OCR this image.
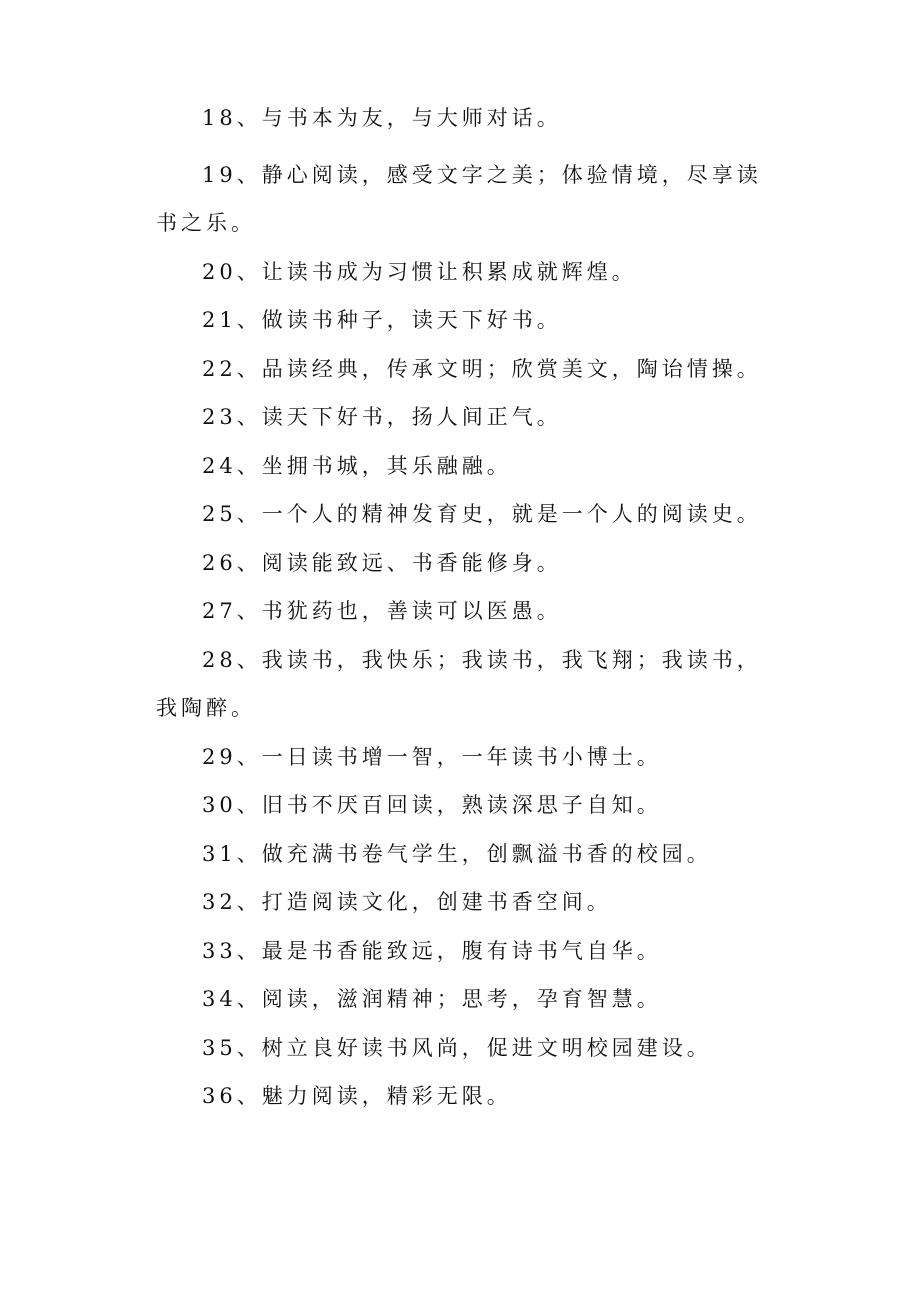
18、与书本为友，与大师对话。

19、静心阅读，感受文字之美；体验情境，尽享读书之乐。

20、让读书成为习惯让积累成就辉煌。

21、做读书种子，读天下好书。

22、品读经典，传承文明；欣赏美文，陶诒情操。

23、读天下好书，扬人间正气。

24、坐拥书城，其乐融融。

25、一个人的精神发育史，就是一个人的阅读史。

26、阅读能致远、书香能修身。

27、书犹药也，善读可以医愚。

28、我读书，我快乐；我读书，我飞翔；我读书，我陶醉。

29、一日读书增一智，一年读书小博士。

30、旧书不厌百回读，熟读深思子自知。

31、做充满书卷气学生，创飘溢书香的校园。

32、打造阅读文化，创建书香空间。

33、最是书香能致远，腹有诗书气自华。

34、阅读，滋润精神；思考，孕育智慧。

35、树立良好读书风尚，促进文明校园建设。

36、魅力阅读，精彩无限。
